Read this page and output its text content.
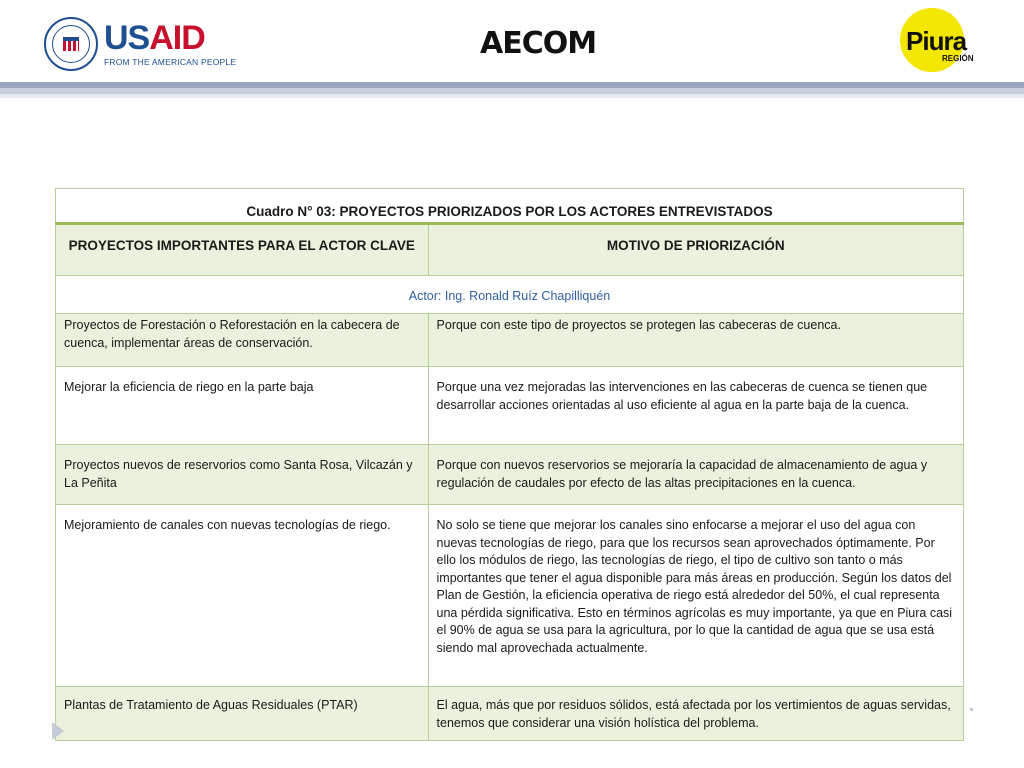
USAID
FROM THE AMERICAN PEOPLE
AECOM	Piura
REGIÓN
Cuadro N° 03: PROYECTOS PRIORIZADOS POR LOS ACTORES ENTREVISTADOS	
PROYECTOS IMPORTANTES PARA EL ACTOR CLAVE	MOTIVO DE PRIORIZACIÓN
Actor: Ing. Ronald Ruíz Chapilliquén	
Proyectos de Forestación o Reforestación en la cabecera de cuenca, implementar áreas de conservación.	Porque con este tipo de proyectos se protegen las cabeceras de cuenca.
Mejorar la eficiencia de riego en la parte baja	Porque una vez mejoradas las intervenciones en las cabeceras de cuenca se tienen que desarrollar acciones orientadas al uso eficiente al agua en la parte baja de la cuenca.
Proyectos nuevos de reservorios como Santa Rosa, Vilcazán y La Peñita	Porque con nuevos reservorios se mejoraría la capacidad de almacenamiento de agua y regulación de caudales por efecto de las altas precipitaciones en la cuenca.
Mejoramiento de canales con nuevas tecnologías de riego.	No solo se tiene que mejorar los canales sino enfocarse a mejorar el uso del agua con nuevas tecnologías de riego, para que los recursos sean aprovechados óptimamente. Por ello los módulos de riego, las tecnologías de riego, el tipo de cultivo son tanto o más importantes que tener el agua disponible para más áreas en producción. Según los datos del Plan de Gestión, la eficiencia operativa de riego está alrededor del 50%, el cual representa una pérdida significativa. Esto en términos agrícolas es muy importante, ya que en Piura casi el 90% de agua se usa para la agricultura, por lo que la cantidad de agua que se usa está siendo mal aprovechada actualmente.
Plantas de Tratamiento de Aguas Residuales (PTAR)	El agua, más que por residuos sólidos, está afectada por los vertimientos de aguas servidas, tenemos que considerar una visión holística del problema.
